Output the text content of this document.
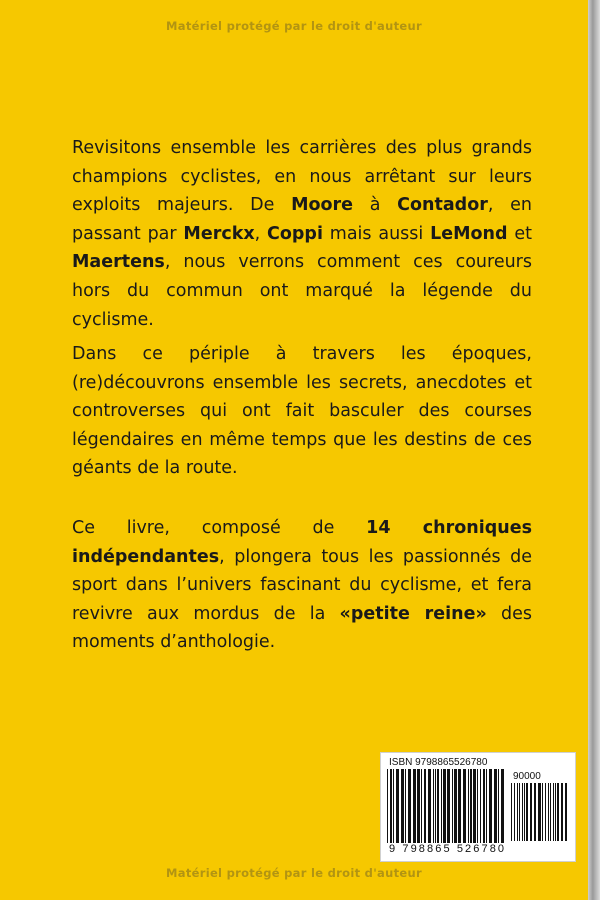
Matériel protégé par le droit d'auteur
Revisitons ensemble les carrières des plus grands champions cyclistes, en nous arrêtant sur leurs exploits majeurs. De Moore à Contador, en passant par Merckx, Coppi mais aussi LeMond et Maertens, nous verrons comment ces coureurs hors du commun ont marqué la légende du cyclisme.
Dans ce périple à travers les époques, (re)découvrons ensemble les secrets, anecdotes et controverses qui ont fait basculer des courses légendaires en même temps que les destins de ces géants de la route.
Ce livre, composé de 14 chroniques indépendantes, plongera tous les passionnés de sport dans l’univers fascinant du cyclisme, et fera revivre aux mordus de la «petite reine» des moments d’anthologie.
ISBN 9798865526780
90000
9 798865 526780
Matériel protégé par le droit d'auteur
